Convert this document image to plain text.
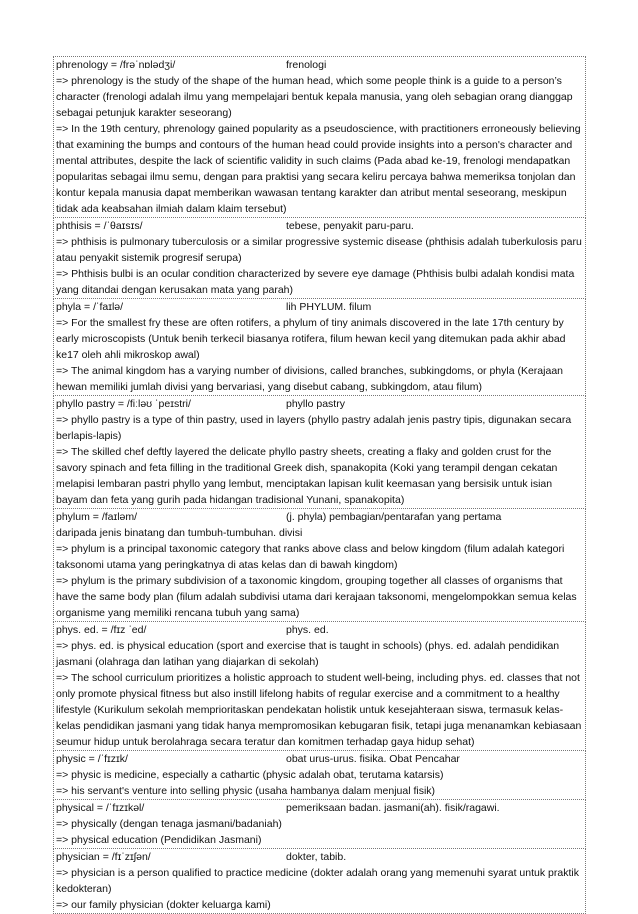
phrenology = /frəˈnɒlədʒi/	frenologi
=> phrenology is the study of the shape of the human head, which some people think is a guide to a person’s character (frenologi adalah ilmu yang mempelajari bentuk kepala manusia, yang oleh sebagian orang dianggap sebagai petunjuk karakter seseorang)
=> In the 19th century, phrenology gained popularity as a pseudoscience, with practitioners erroneously believing that examining the bumps and contours of the human head could provide insights into a person's character and mental attributes, despite the lack of scientific validity in such claims (Pada abad ke-19, frenologi mendapatkan popularitas sebagai ilmu semu, dengan para praktisi yang secara keliru percaya bahwa memeriksa tonjolan dan kontur kepala manusia dapat memberikan wawasan tentang karakter dan atribut mental seseorang, meskipun tidak ada keabsahan ilmiah dalam klaim tersebut)
phthisis = /ˈθaɪsɪs/	tebese, penyakit paru-paru.
=> phthisis is pulmonary tuberculosis or a similar progressive systemic disease (phthisis adalah tuberkulosis paru atau penyakit sistemik progresif serupa)
=> Phthisis bulbi is an ocular condition characterized by severe eye damage (Phthisis bulbi adalah kondisi mata yang ditandai dengan kerusakan mata yang parah)
phyla = /ˈfaɪlə/	lih PHYLUM. filum
=> For the smallest fry these are often rotifers, a phylum of tiny animals discovered in the late 17th century by early microscopists (Untuk benih terkecil biasanya rotifera, filum hewan kecil yang ditemukan pada akhir abad ke17 oleh ahli mikroskop awal)
=> The animal kingdom has a varying number of divisions, called branches, subkingdoms, or phyla (Kerajaan hewan memiliki jumlah divisi yang bervariasi, yang disebut cabang, subkingdom, atau filum)
phyllo pastry = /fiːləʊ ˈpeɪstri/	phyllo pastry
=> phyllo pastry is a type of thin pastry, used in layers (phyllo pastry adalah jenis pastry tipis, digunakan secara berlapis-lapis)
=> The skilled chef deftly layered the delicate phyllo pastry sheets, creating a flaky and golden crust for the savory spinach and feta filling in the traditional Greek dish, spanakopita (Koki yang terampil dengan cekatan melapisi lembaran pastri phyllo yang lembut, menciptakan lapisan kulit keemasan yang bersisik untuk isian bayam dan feta yang gurih pada hidangan tradisional Yunani, spanakopita)
phylum = /faɪləm/	(j. phyla) pembagian/pentarafan yang pertama
daripada jenis binatang dan tumbuh-tumbuhan. divisi
=> phylum is a principal taxonomic category that ranks above class and below kingdom (filum adalah kategori taksonomi utama yang peringkatnya di atas kelas dan di bawah kingdom)
=> phylum is the primary subdivision of a taxonomic kingdom, grouping together all classes of organisms that have the same body plan (filum adalah subdivisi utama dari kerajaan taksonomi, mengelompokkan semua kelas organisme yang memiliki rencana tubuh yang sama)
phys. ed. = /fɪz ˈed/	phys. ed.
=> phys. ed. is physical education (sport and exercise that is taught in schools) (phys. ed. adalah pendidikan jasmani (olahraga dan latihan yang diajarkan di sekolah)
=> The school curriculum prioritizes a holistic approach to student well-being, including phys. ed. classes that not only promote physical fitness but also instill lifelong habits of regular exercise and a commitment to a healthy lifestyle (Kurikulum sekolah memprioritaskan pendekatan holistik untuk kesejahteraan siswa, termasuk kelas-kelas pendidikan jasmani yang tidak hanya mempromosikan kebugaran fisik, tetapi juga menanamkan kebiasaan seumur hidup untuk berolahraga secara teratur dan komitmen terhadap gaya hidup sehat)
physic = /ˈfɪzɪk/	obat urus-urus. fisika. Obat Pencahar
=> physic is medicine, especially a cathartic (physic adalah obat, terutama katarsis)
=> his servant's venture into selling physic (usaha hambanya dalam menjual fisik)
physical = /ˈfɪzɪkəl/	pemeriksaan badan. jasmani(ah). fisik/ragawi.
=> physically (dengan tenaga jasmani/badaniah)
=> physical education (Pendidikan Jasmani)
physician = /fɪˈzɪʃən/	dokter, tabib.
=> physician is a person qualified to practice medicine (dokter adalah orang yang memenuhi syarat untuk praktik kedokteran)
=> our family physician (dokter keluarga kami)
